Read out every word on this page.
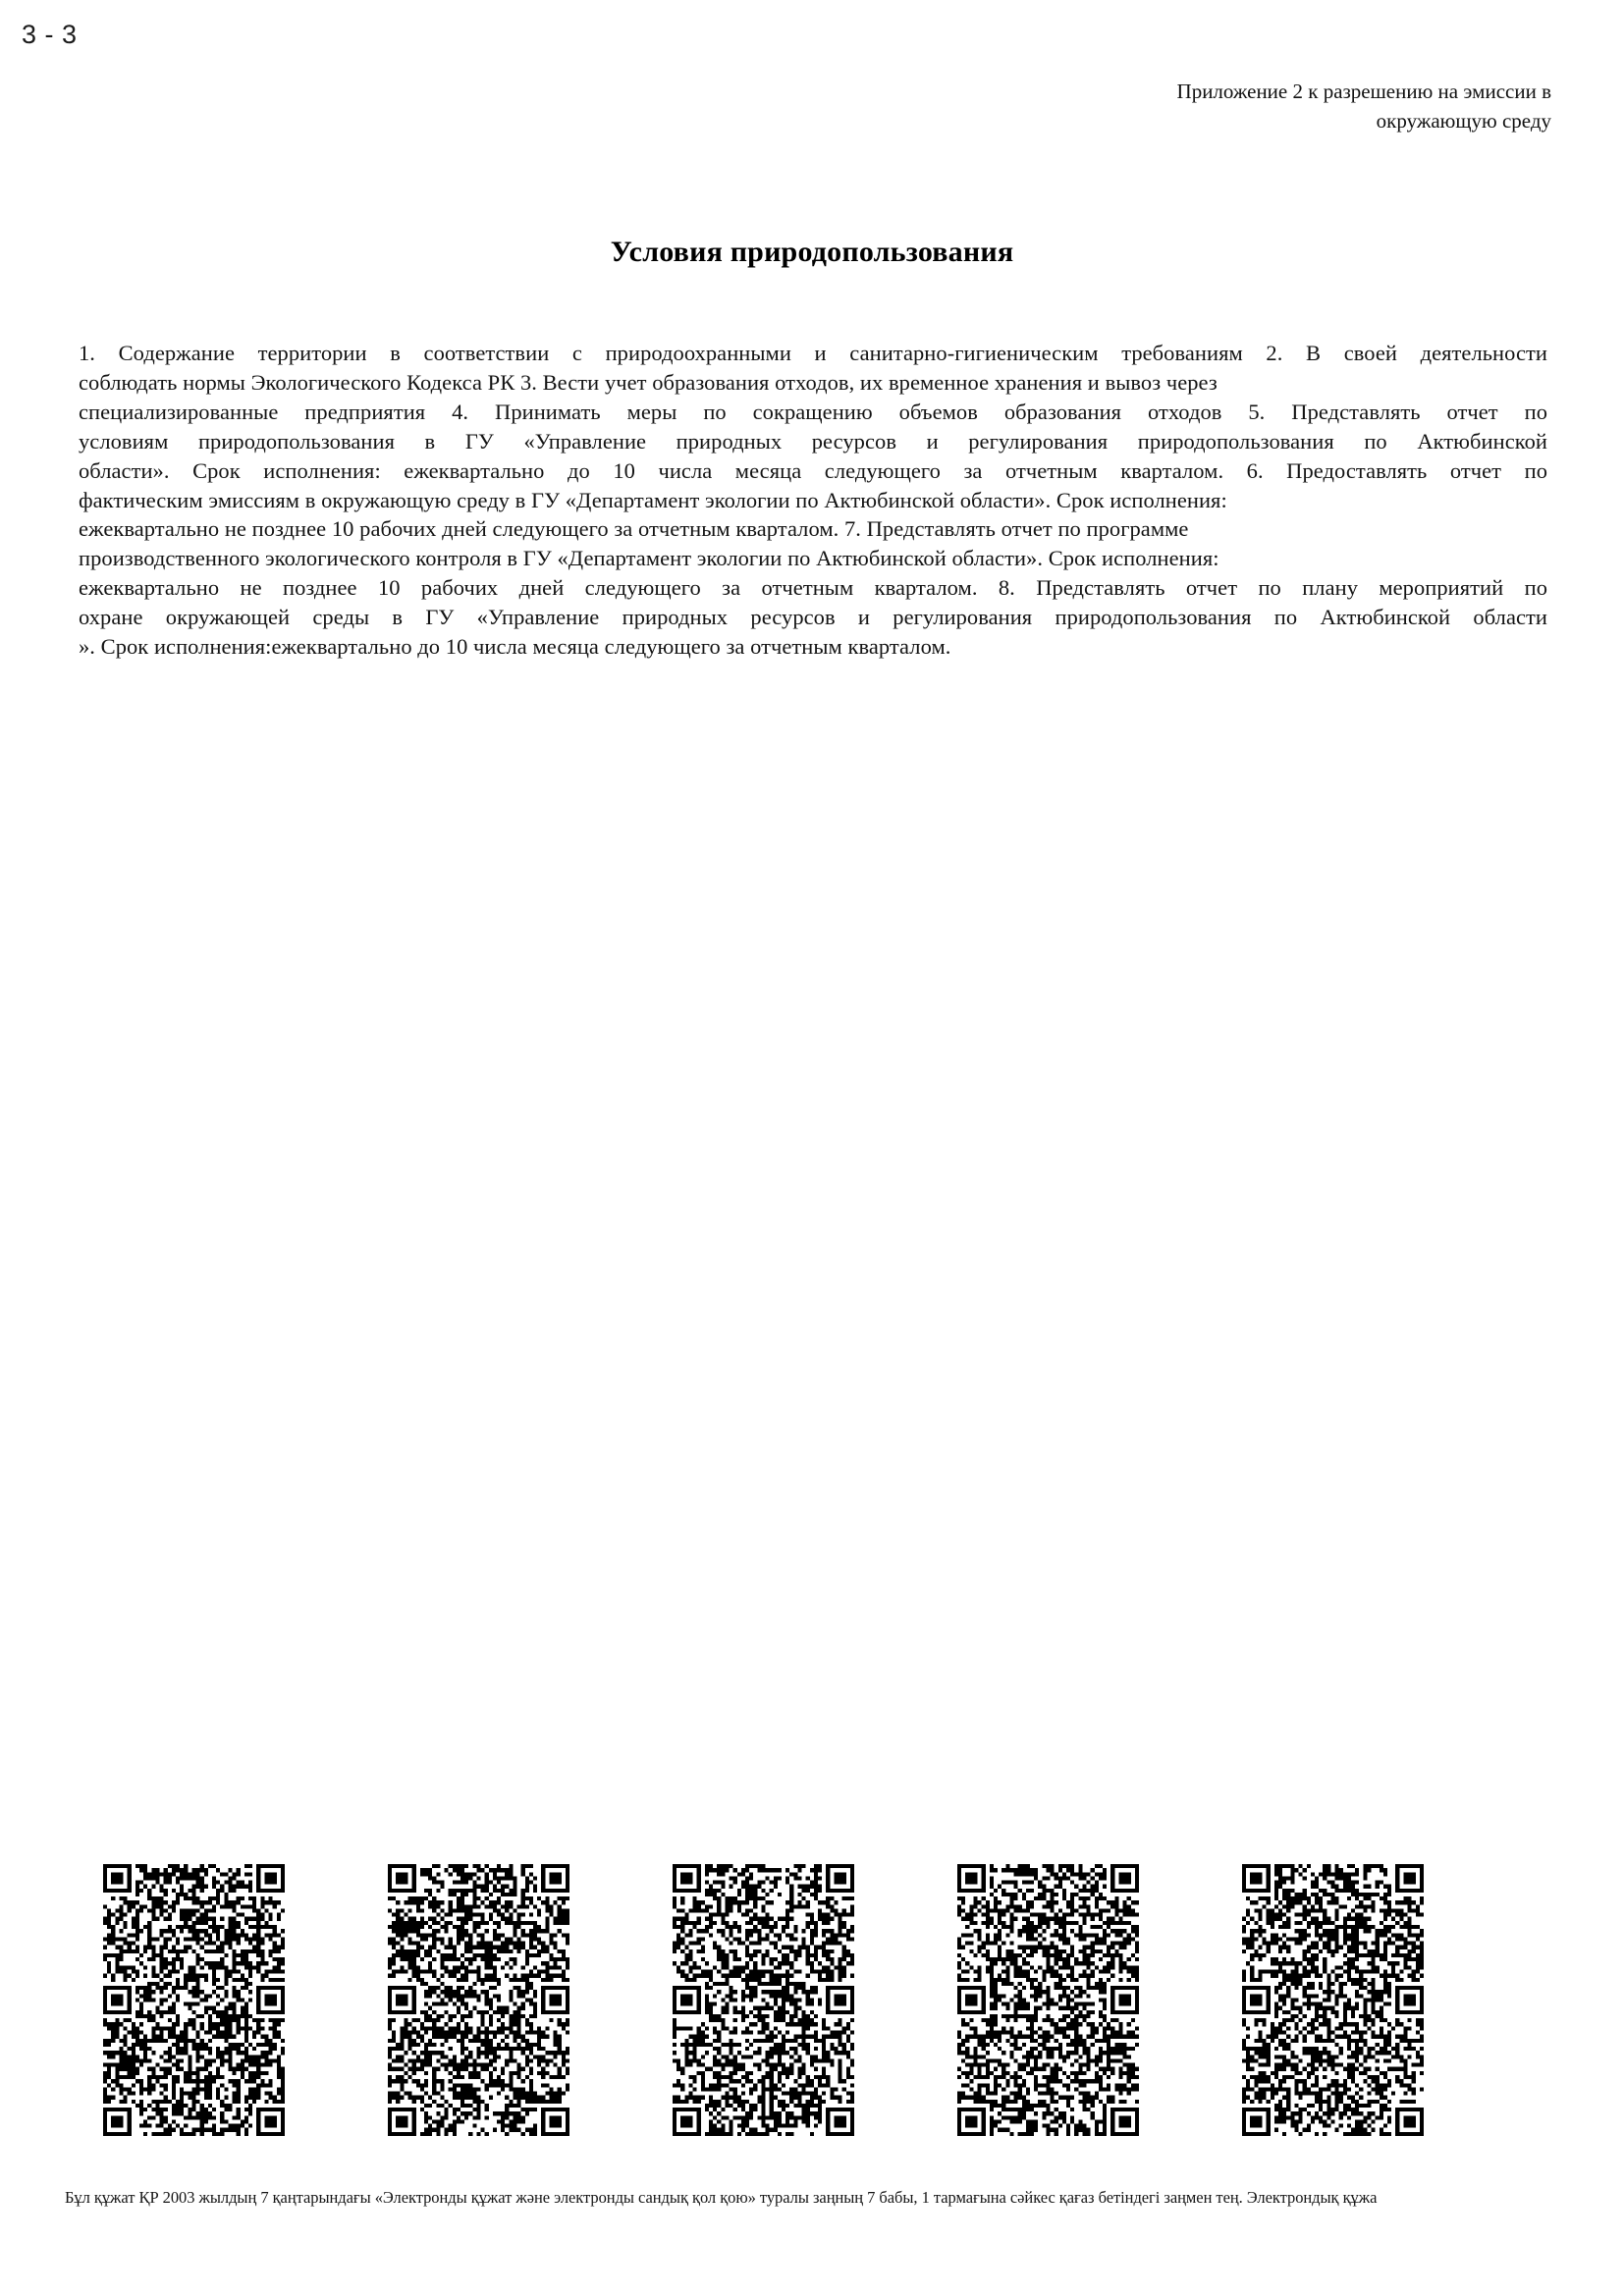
3 - 3
Приложение 2 к разрешению на эмиссии в
окружающую среду
Условия природопользования
1. Содержание территории в соответствии с природоохранными и санитарно-гигиеническим требованиям 2. В своей деятельности
соблюдать нормы Экологического Кодекса РК 3. Вести учет образования отходов, их временное хранения и вывоз через
специализированные предприятия 4. Принимать меры по сокращению объемов образования отходов 5. Представлять отчет по
условиям природопользования в ГУ «Управление природных ресурсов и регулирования природопользования по Актюбинской
области». Срок исполнения: ежеквартально до 10 числа месяца следующего за отчетным кварталом. 6. Предоставлять отчет по
фактическим эмиссиям в окружающую среду в ГУ «Департамент экологии по Актюбинской области». Срок исполнения:
ежеквартально не позднее 10 рабочих дней следующего за отчетным кварталом. 7. Представлять отчет по программе
производственного экологического контроля в ГУ «Департамент экологии по Актюбинской области». Срок исполнения:
ежеквартально не позднее 10 рабочих дней следующего за отчетным кварталом. 8. Представлять отчет по плану мероприятий по
охране окружающей среды в ГУ «Управление природных ресурсов и регулирования природопользования по Актюбинской области
». Срок исполнения:ежеквартально до 10 числа месяца следующего за отчетным кварталом.
Бұл құжат ҚР 2003 жылдың 7 қаңтарындағы «Электронды құжат және электронды сандық қол қою» туралы заңның 7 бабы, 1 тармағына сәйкес қағаз бетіндегі заңмен тең. Электрондық құжа
